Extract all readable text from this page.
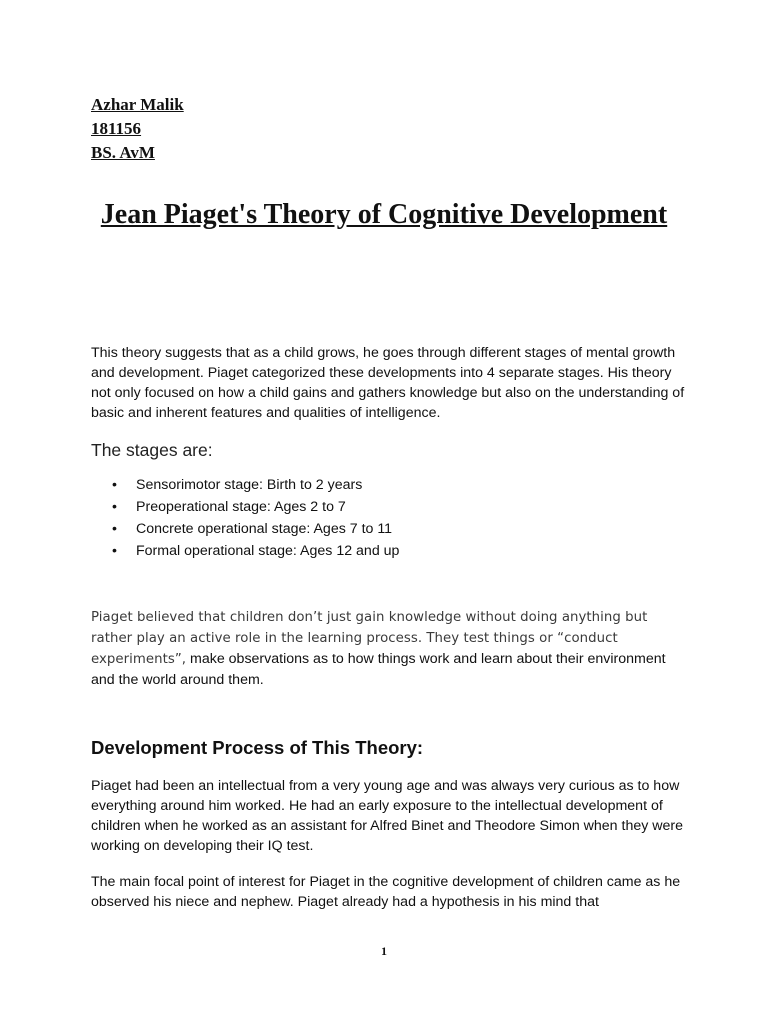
Azhar Malik
181156
BS. AvM
Jean Piaget's Theory of Cognitive Development

This theory suggests that as a child grows, he goes through different stages of mental growth and development. Piaget categorized these developments into 4 separate stages. His theory not only focused on how a child gains and gathers knowledge but also on the understanding of basic and inherent features and qualities of intelligence.

The stages are:
• Sensorimotor stage: Birth to 2 years
• Preoperational stage: Ages 2 to 7
• Concrete operational stage: Ages 7 to 11
• Formal operational stage: Ages 12 and up

Piaget believed that children don’t just gain knowledge without doing anything but rather play an active role in the learning process. They test things or “conduct experiments”, make observations as to how things work and learn about their environment and the world around them.

Development Process of This Theory:

Piaget had been an intellectual from a very young age and was always very curious as to how everything around him worked. He had an early exposure to the intellectual development of children when he worked as an assistant for Alfred Binet and Theodore Simon when they were working on developing their IQ test.

The main focal point of interest for Piaget in the cognitive development of children came as he observed his niece and nephew. Piaget already had a hypothesis in his mind that

1
